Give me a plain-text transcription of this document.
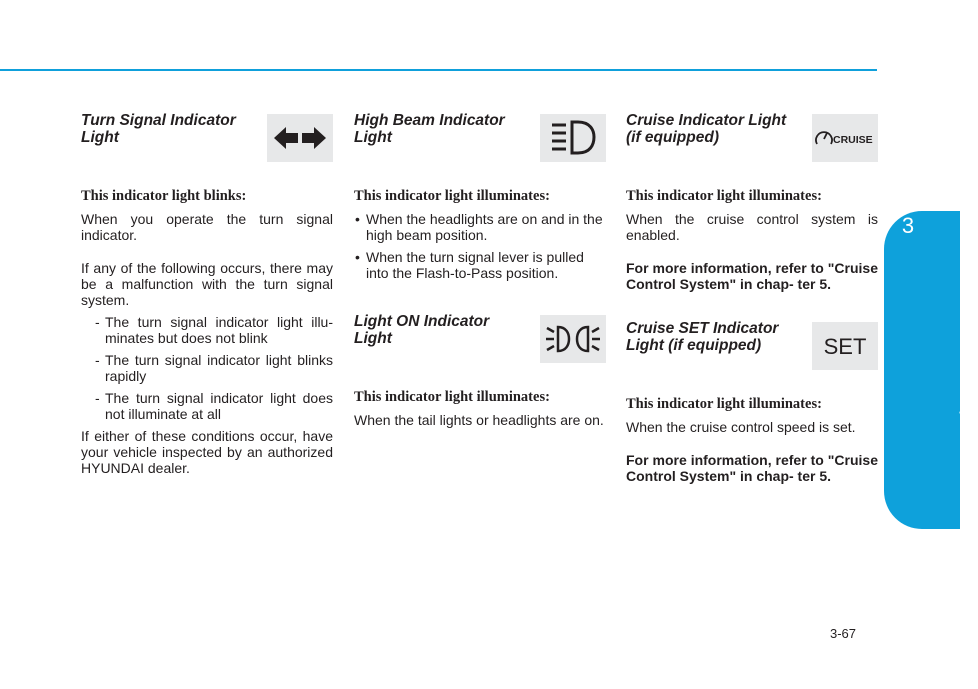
3
Convenient features of your vehicle
3-67
Turn Signal Indicator
Light
This indicator light blinks:

When you operate the turn signal indicator.

If any of the following occurs, there may be a malfunction with the turn signal system.

- The turn signal indicator light illu- minates but does not blink
- The turn signal indicator light blinks rapidly
- The turn signal indicator light does not illuminate at all

If either of these conditions occur, have your vehicle inspected by an authorized HYUNDAI dealer.

High Beam Indicator
Light
This indicator light illuminates:
• When the headlights are on and in the high beam position.
• When the turn signal lever is pulled into the Flash-to-Pass position.
Light ON Indicator
Light
This indicator light illuminates:

When the tail lights or headlights are on.

Cruise Indicator Light
(if equipped)	CRUISE
This indicator light illuminates:

When the cruise control system is enabled.

For more information, refer to "Cruise Control System" in chap- ter 5.

Cruise SET Indicator
Light (if equipped)	SET
This indicator light illuminates:

When the cruise control speed is set.

For more information, refer to "Cruise Control System" in chap- ter 5.
